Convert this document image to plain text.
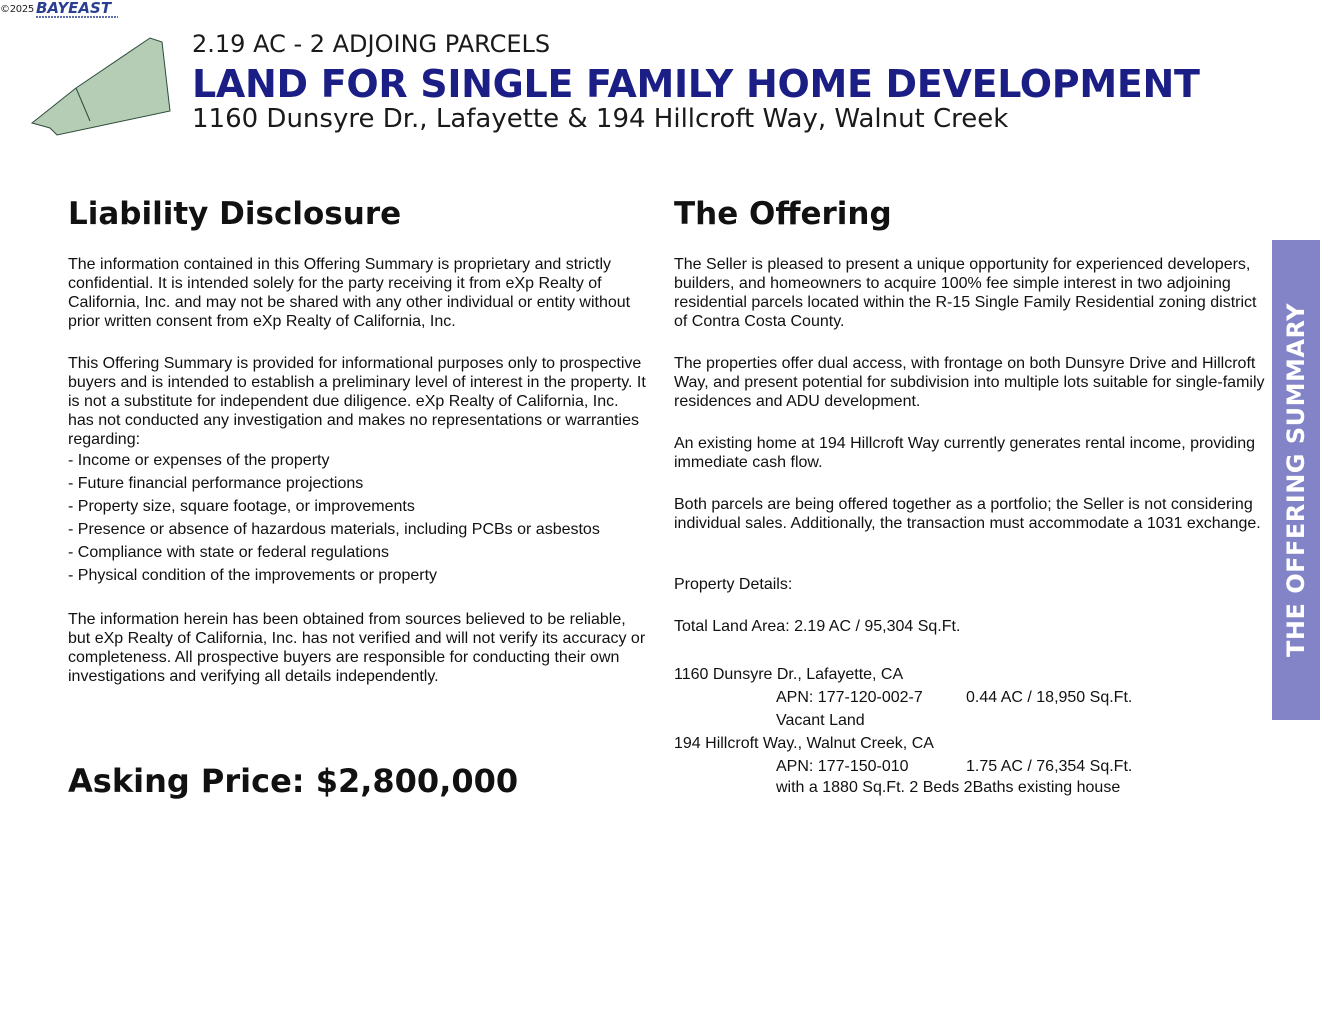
©2025 BAYEAST
2.19 AC - 2 ADJOING PARCELS
LAND FOR SINGLE FAMILY HOME DEVELOPMENT
1160 Dunsyre Dr., Lafayette & 194 Hillcroft Way, Walnut Creek
Liability Disclosure

The information contained in this Offering Summary is proprietary and strictly confidential. It is intended solely for the party receiving it from eXp Realty of California, Inc. and may not be shared with any other individual or entity without prior written consent from eXp Realty of California, Inc.

This Offering Summary is provided for informational purposes only to prospective buyers and is intended to establish a preliminary level of interest in the property. It is not a substitute for independent due diligence. eXp Realty of California, Inc. has not conducted any investigation and makes no representations or warranties regarding:

- Income or expenses of the property
- Future financial performance projections
- Property size, square footage, or improvements
- Presence or absence of hazardous materials, including PCBs or asbestos
- Compliance with state or federal regulations
- Physical condition of the improvements or property

The information herein has been obtained from sources believed to be reliable, but eXp Realty of California, Inc. has not verified and will not verify its accuracy or completeness. All prospective buyers are responsible for conducting their own investigations and verifying all details independently.

Asking Price: $2,800,000
The Offering

The Seller is pleased to present a unique opportunity for experienced developers, builders, and homeowners to acquire 100% fee simple interest in two adjoining residential parcels located within the R-15 Single Family Residential zoning district of Contra Costa County.

The properties offer dual access, with frontage on both Dunsyre Drive and Hillcroft Way, and present potential for subdivision into multiple lots suitable for single-family residences and ADU development.

An existing home at 194 Hillcroft Way currently generates rental income, providing immediate cash flow.

Both parcels are being offered together as a portfolio; the Seller is not considering individual sales. Additionally, the transaction must accommodate a 1031 exchange.

Property Details:

Total Land Area: 2.19 AC / 95,304 Sq.Ft.

1160 Dunsyre Dr., Lafayette, CA
APN: 177-120-002-7	0.44 AC / 18,950 Sq.Ft.
Vacant Land
194 Hillcroft Way., Walnut Creek, CA
APN: 177-150-010	1.75 AC / 76,354 Sq.Ft.
with a 1880 Sq.Ft. 2 Beds 2Baths existing house
THE OFFERING SUMMARY
